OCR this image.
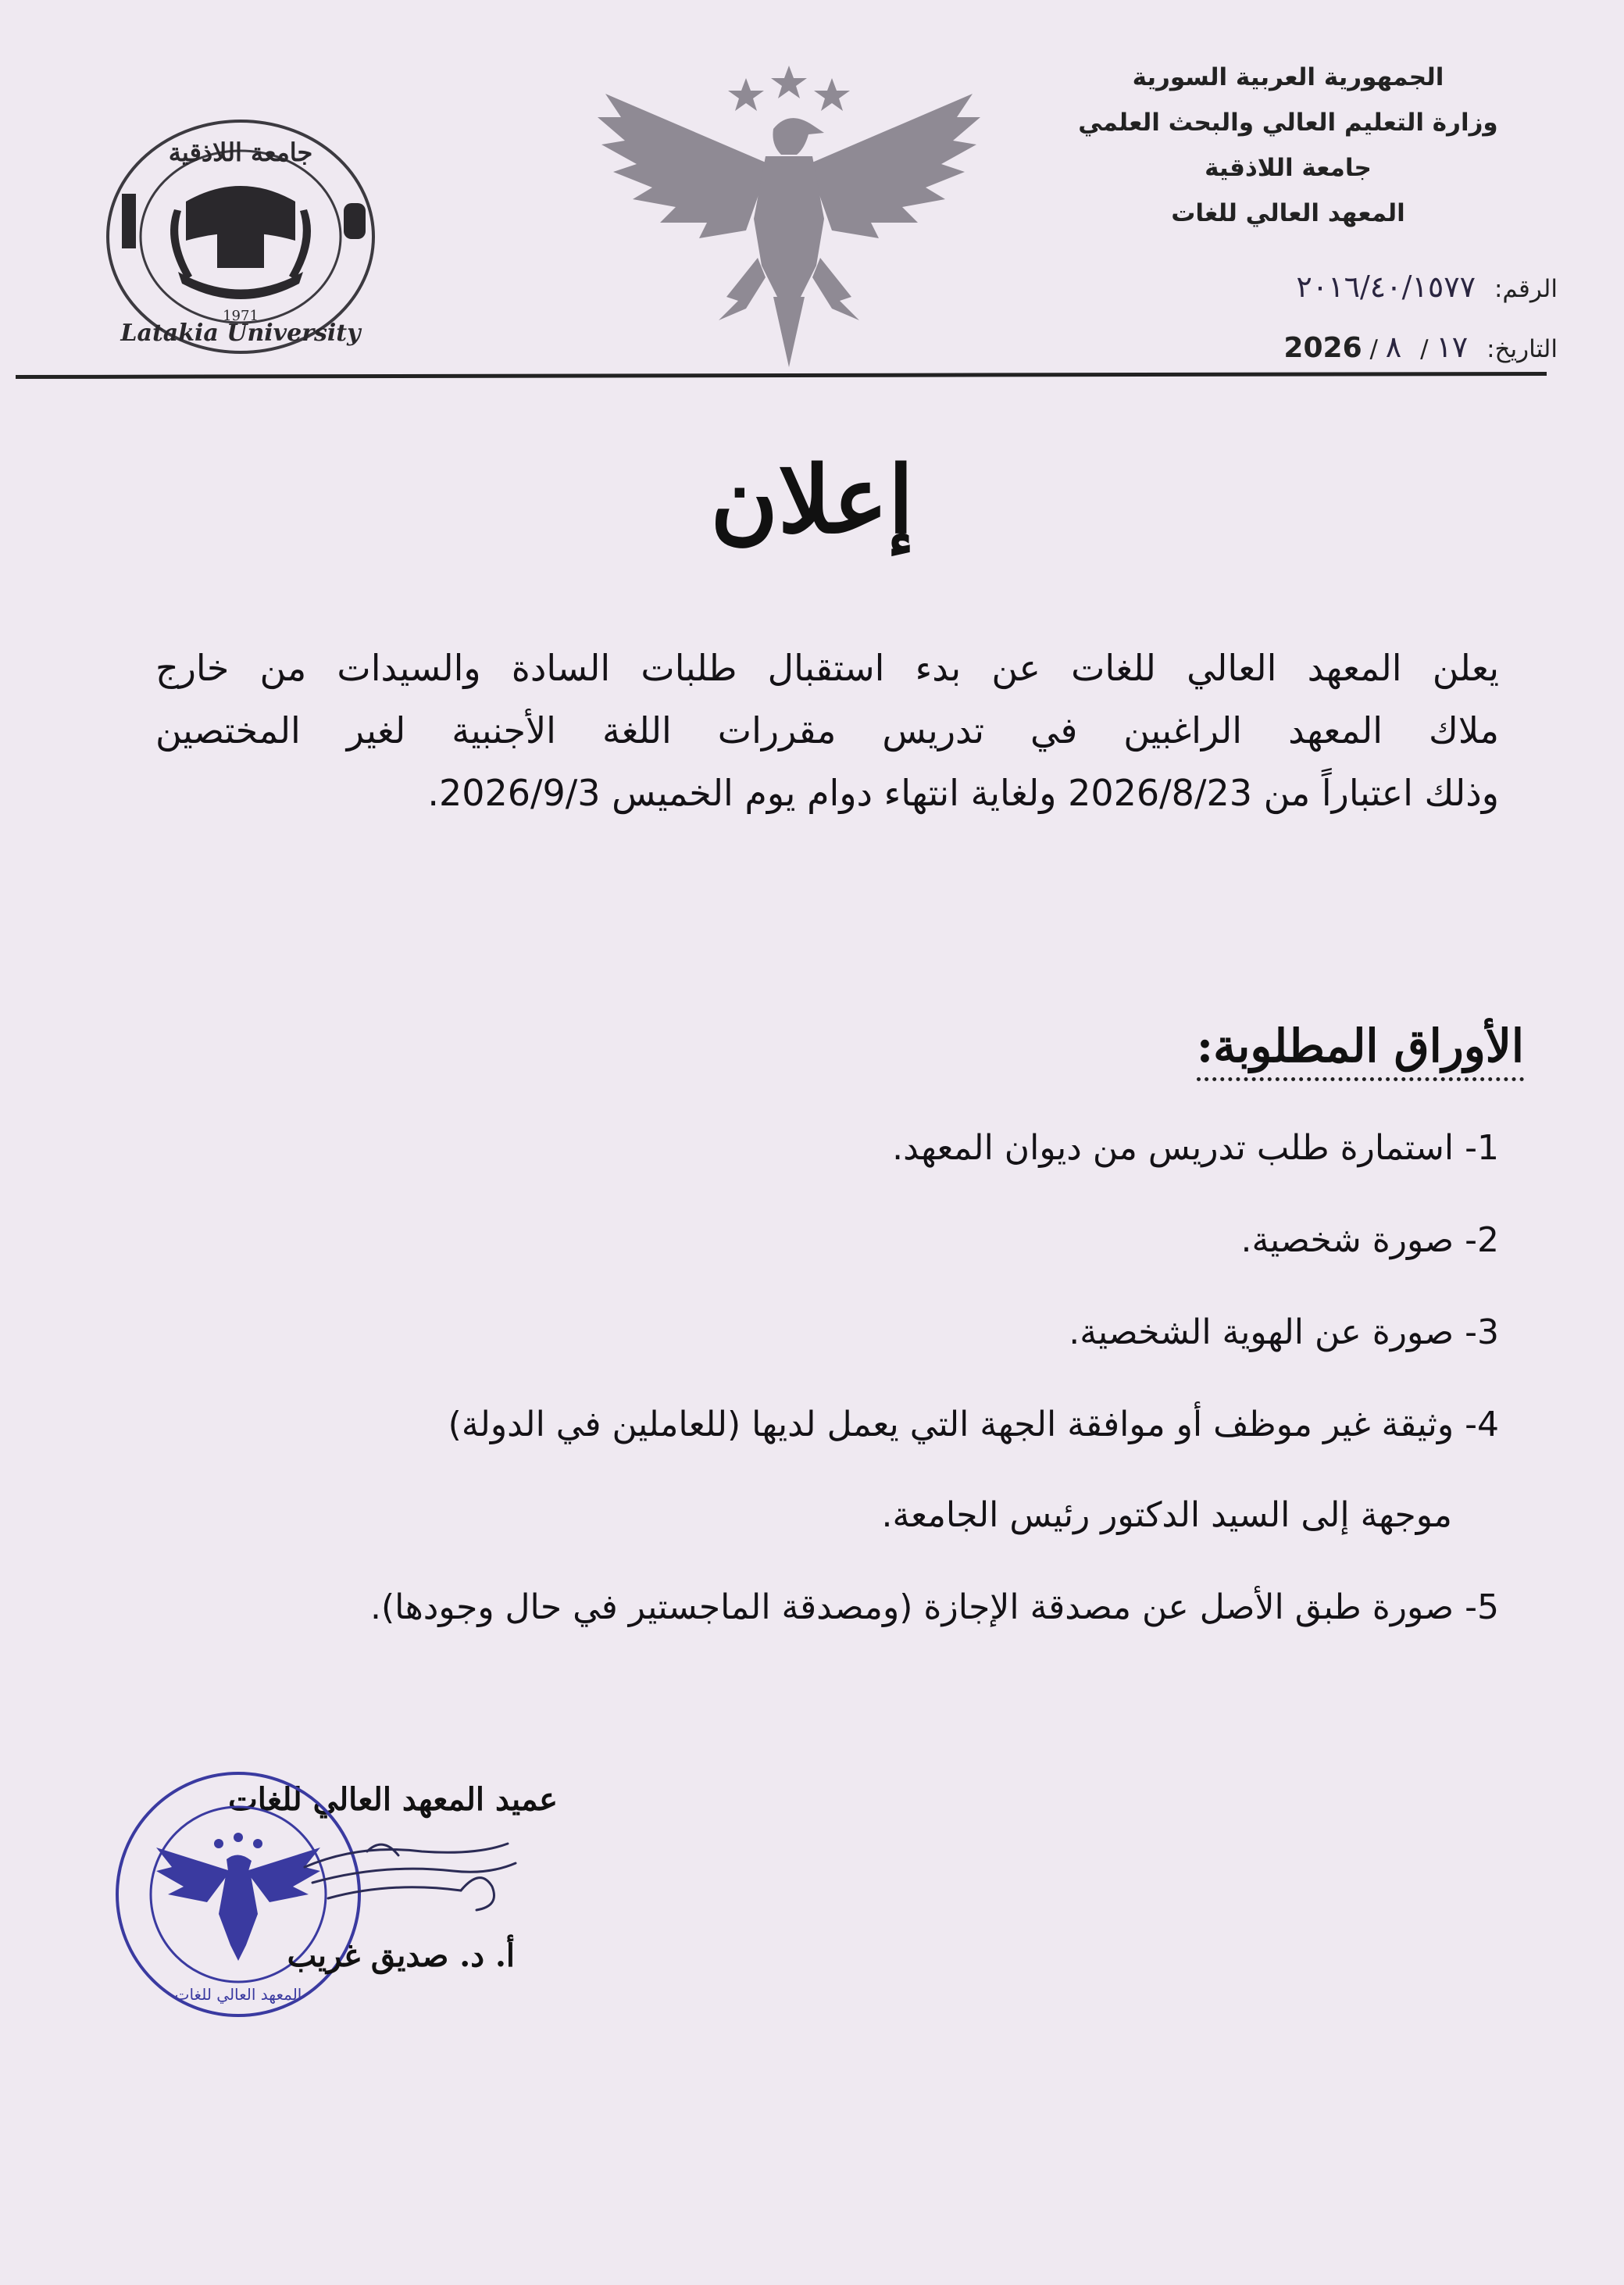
الجمهورية العربية السورية
وزارة التعليم العالي والبحث العلمي
جامعة اللاذقية
المعهد العالي للغات
الرقم: ٢٠١٦/٤٠/١٥٧٧
التاريخ: ١٧ / ٨ / 2026
جامعة اللاذقية
1971
Latakia University
إعلان

يعلن المعهد العالي للغات عن بدء استقبال طلبات السادة والسيدات من خارج

ملاك المعهد الراغبين في تدريس مقررات اللغة الأجنبية لغير المختصين

وذلك اعتباراً من 2026/8/23 ولغاية انتهاء دوام يوم الخميس 2026/9/3.

الأوراق المطلوبة:
1- استمارة طلب تدريس من ديوان المعهد.
2- صورة شخصية.
3- صورة عن الهوية الشخصية.
4- وثيقة غير موظف أو موافقة الجهة التي يعمل لديها (للعاملين في الدولة)
موجهة إلى السيد الدكتور رئيس الجامعة.
5- صورة طبق الأصل عن مصدقة الإجازة (ومصدقة الماجستير في حال وجودها).
عميد المعهد العالي للغات
المعهد العالي للغات
أ. د. صديق غريب
